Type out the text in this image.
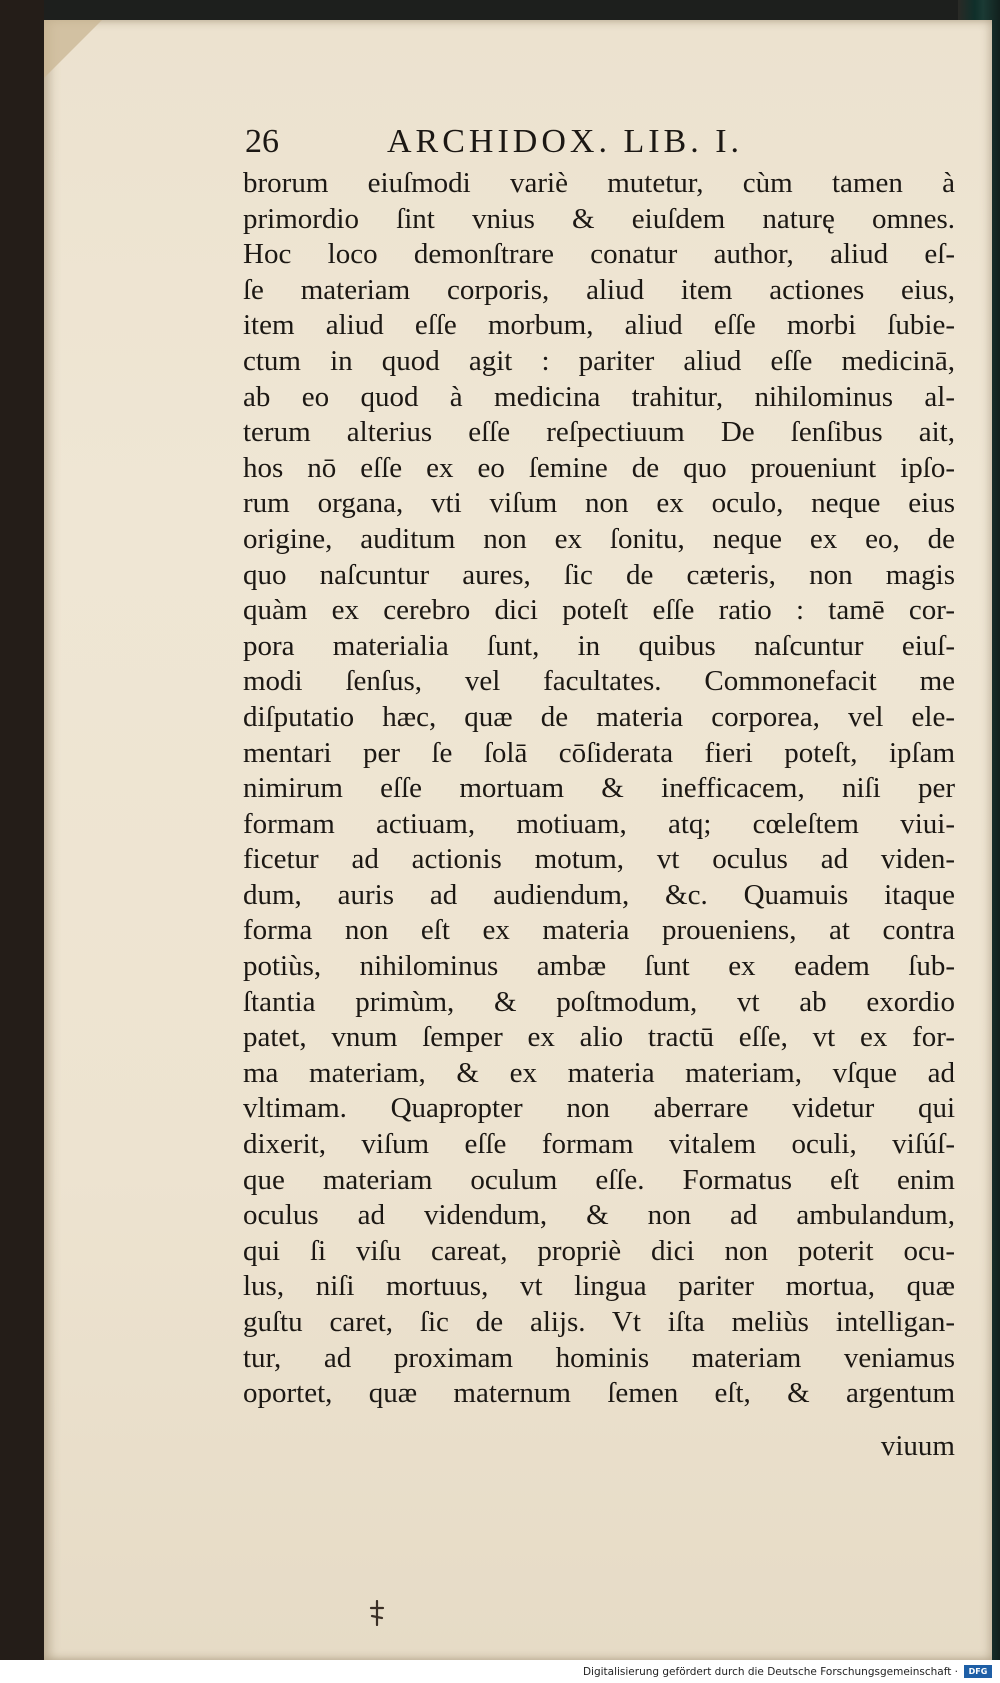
26	ARCHIDOX. LIB. I.
brorum eiuſmodi variè mutetur, cùm tamen à
primordio ſint vnius & eiuſdem naturę omnes.
Hoc loco demonſtrare conatur author, aliud eſ-
ſe materiam corporis, aliud item actiones eius,
item aliud eſſe morbum, aliud eſſe morbi ſubie-
ctum in quod agit : pariter aliud eſſe medicinā,
ab eo quod à medicina trahitur, nihilominus al-
terum alterius eſſe reſpectiuum De ſenſibus ait,
hos nō eſſe ex eo ſemine de quo proueniunt ipſo-
rum organa, vti viſum non ex oculo, neque eius
origine, auditum non ex ſonitu, neque ex eo, de
quo naſcuntur aures, ſic de cæteris, non magis
quàm ex cerebro dici poteſt eſſe ratio : tamē cor-
pora materialia ſunt, in quibus naſcuntur eiuſ-
modi ſenſus, vel facultates. Commonefacit me
diſputatio hæc, quæ de materia corporea, vel ele-
mentari per ſe ſolā cōſiderata fieri poteſt, ipſam
nimirum eſſe mortuam & inefficacem, niſi per
formam actiuam, motiuam, atq; cœleſtem viui-
ficetur ad actionis motum, vt oculus ad viden-
dum, auris ad audiendum, &c. Quamuis itaque
forma non eſt ex materia proueniens, at contra
potiùs, nihilominus ambæ ſunt ex eadem ſub-
ſtantia primùm, & poſtmodum, vt ab exordio
patet, vnum ſemper ex alio tractū eſſe, vt ex for-
ma materiam, & ex materia materiam, vſque ad
vltimam. Quapropter non aberrare videtur qui
dixerit, viſum eſſe formam vitalem oculi, viſúſ-
que materiam oculum eſſe. Formatus eſt enim
oculus ad videndum, & non ad ambulandum,
qui ſi viſu careat, propriè dici non poterit ocu-
lus, niſi mortuus, vt lingua pariter mortua, quæ
guſtu caret, ſic de alijs. Vt iſta meliùs intelligan-
tur, ad proximam hominis materiam veniamus
oportet, quæ maternum ſemen eſt, & argentum
viuum
Digitalisierung gefördert durch die Deutsche Forschungsgemeinschaft ·	DFG
